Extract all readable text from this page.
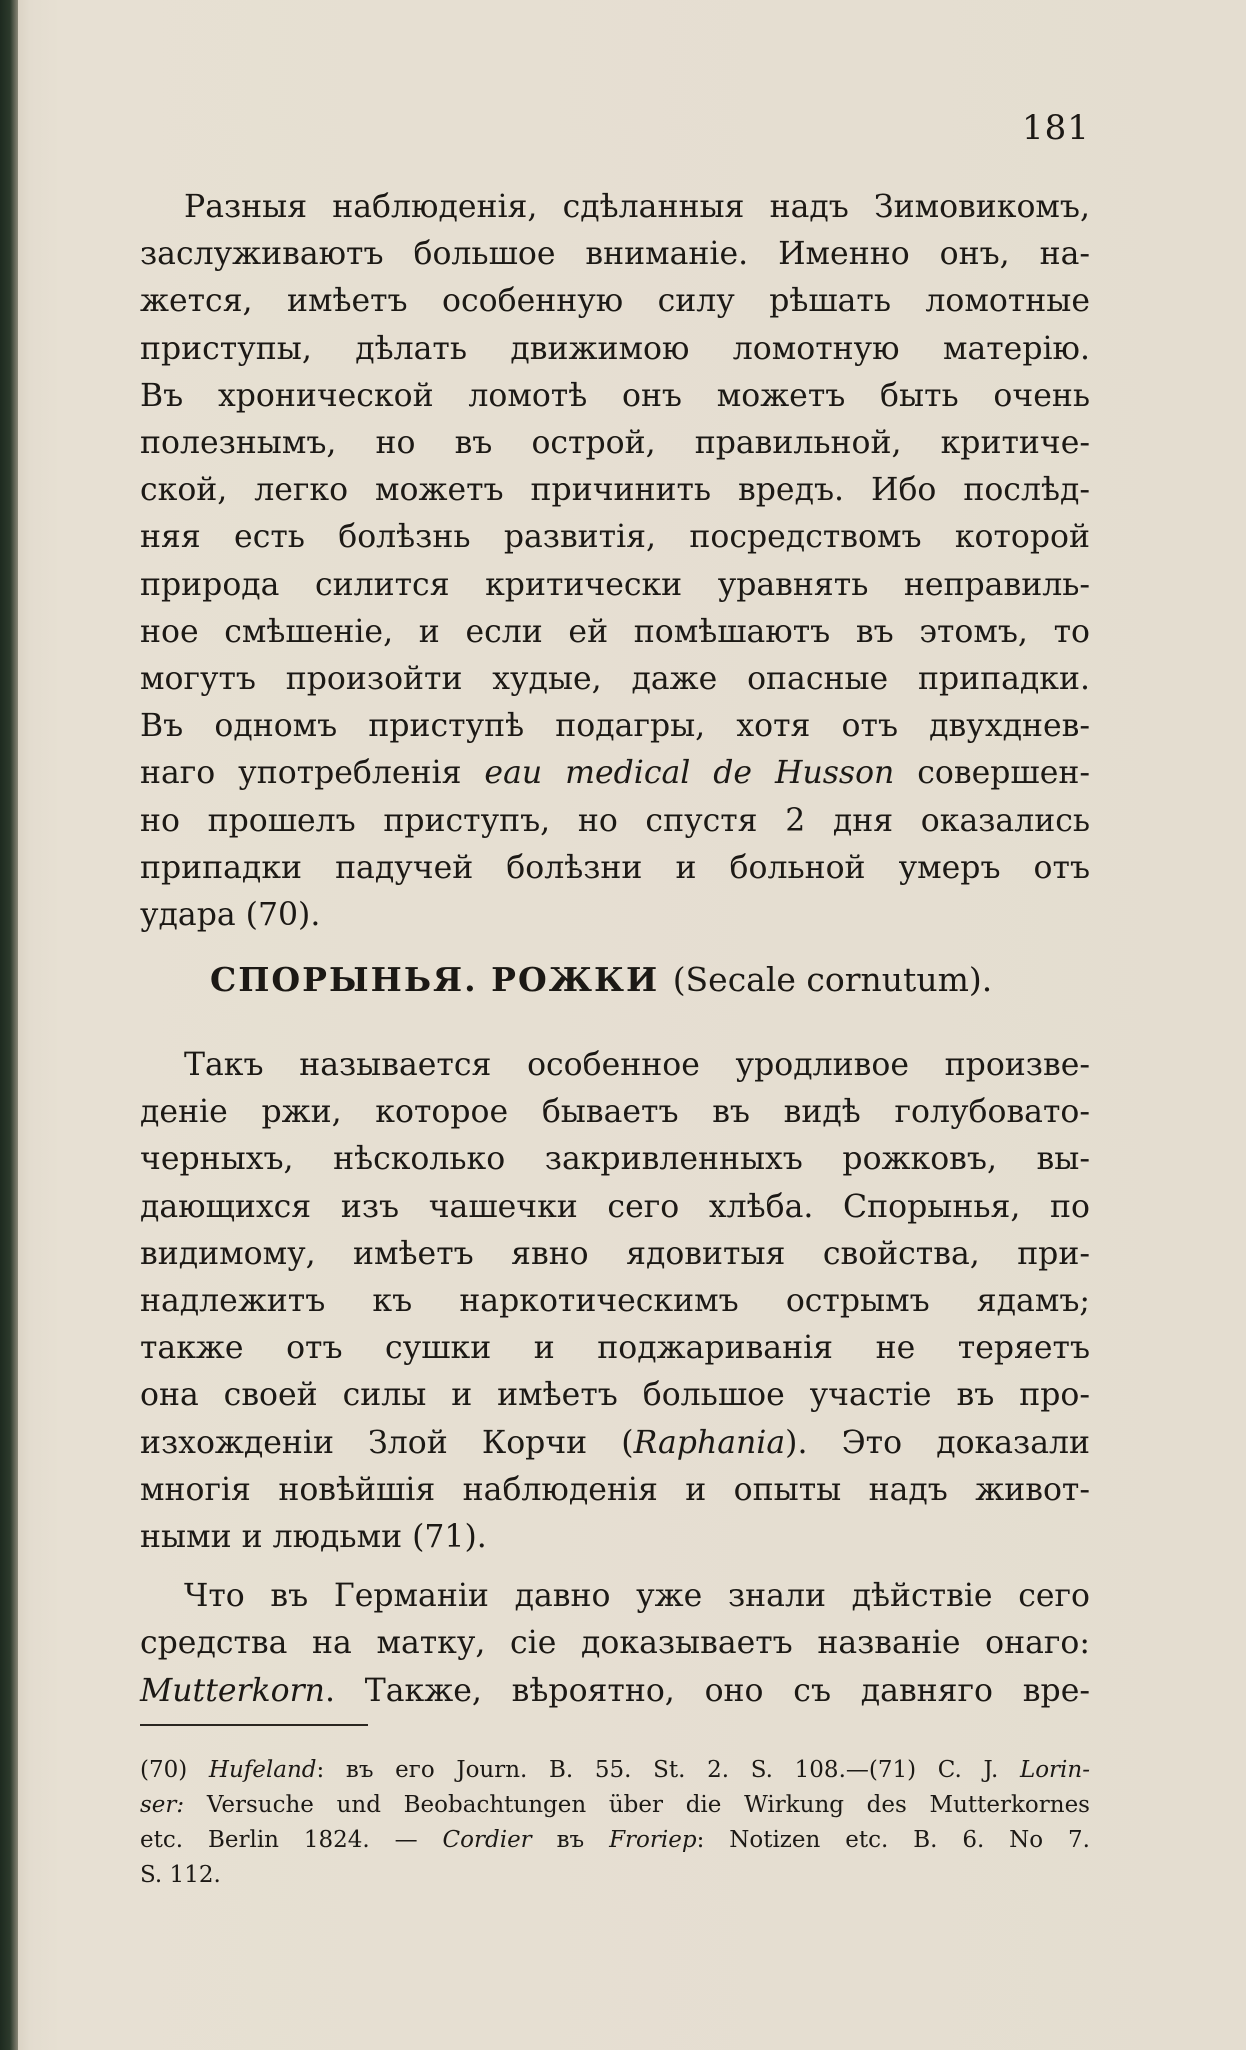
181
Разныя наблюденія, сдѣланныя надъ Зимовикомъ,
заслуживаютъ большое вниманіе. Именно онъ, на-
жется, имѣетъ особенную силу рѣшать ломотные
приступы, дѣлать движимою ломотную матерію.
Въ хронической ломотѣ онъ можетъ быть очень
полезнымъ, но въ острой, правильной, критиче-
ской, легко можетъ причинить вредъ. Ибо послѣд-
няя есть болѣзнь развитія, посредствомъ которой
природа силится критически уравнять неправиль-
ное смѣшеніе, и если ей помѣшаютъ въ этомъ, то
могутъ произойти худые, даже опасные припадки.
Въ одномъ приступѣ подагры, хотя отъ двухднев-
наго употребленія eau medical de Husson совершен-
но прошелъ приступъ, но спустя 2 дня оказались
припадки падучей болѣзни и больной умеръ отъ
удара (70).
СПОРЫНЬЯ. РОЖКИ (Secale cornutum).
Такъ называется особенное уродливое произве-
деніе ржи, которое бываетъ въ видѣ голубовато-
черныхъ, нѣсколько закривленныхъ рожковъ, вы-
дающихся изъ чашечки сего хлѣба. Спорынья, по
видимому, имѣетъ явно ядовитыя свойства, при-
надлежитъ къ наркотическимъ острымъ ядамъ;
также отъ сушки и поджариванія не теряетъ
она своей силы и имѣетъ большое участіе въ про-
изхожденіи Злой Корчи (Raphania). Это доказали
многія новѣйшія наблюденія и опыты надъ живот-
ными и людьми (71).
Что въ Германіи давно уже знали дѣйствіе сего
средства на матку, сіе доказываетъ названіе онаго:
Mutterkorn. Также, вѣроятно, оно съ давняго вре-
(70) Hufeland: въ его Journ. B. 55. St. 2. S. 108.—(71) C. J. Lorin-
ser: Versuche und Beobachtungen über die Wirkung des Mutterkornes
etc. Berlin 1824. — Cordier въ Froriep: Notizen etc. B. 6. No 7.
S. 112.
